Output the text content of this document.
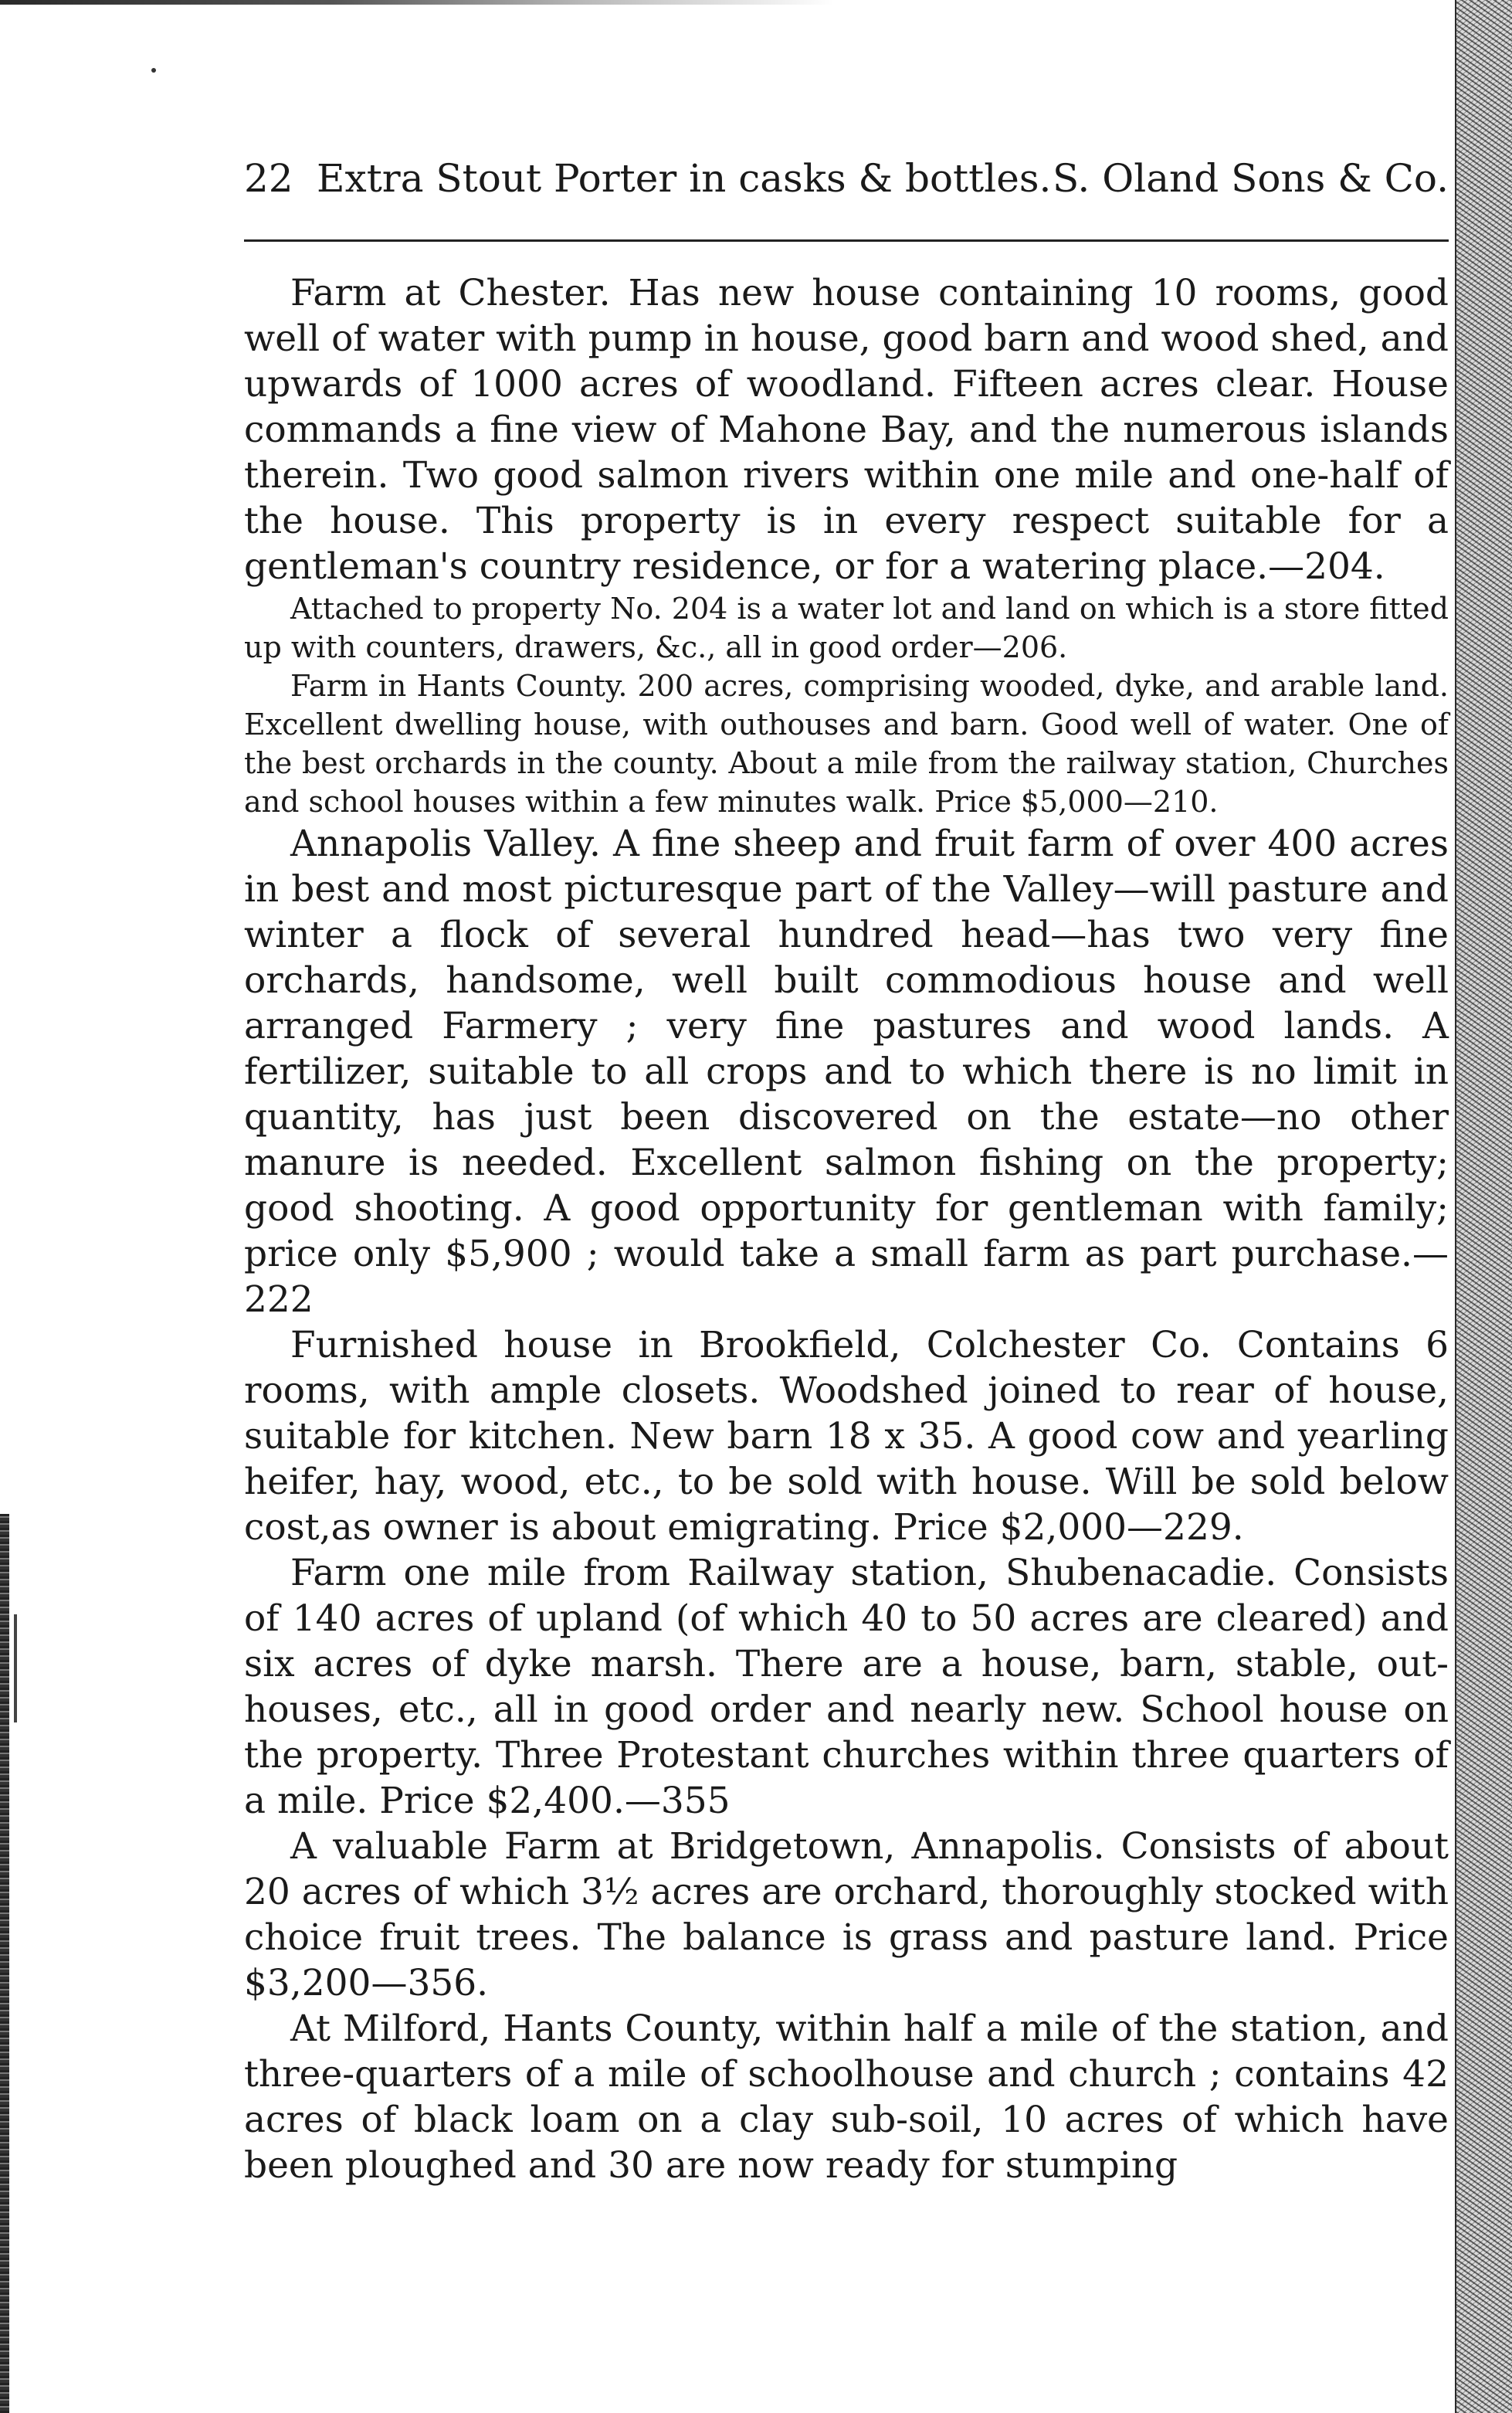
22 Extra Stout Porter in casks & bottles. S. Oland Sons & Co.

Farm at Chester. Has new house containing 10 rooms, good well of water with pump in house, good barn and wood shed, and upwards of 1000 acres of woodland. Fifteen acres clear. House commands a fine view of Mahone Bay, and the numerous islands therein. Two good salmon rivers within one mile and one-half of the house. This property is in every respect suitable for a gentleman's country residence, or for a watering place.—204.

Attached to property No. 204 is a water lot and land on which is a store fitted up with counters, drawers, &c., all in good order—206.

Farm in Hants County. 200 acres, comprising wooded, dyke, and arable land. Excellent dwelling house, with outhouses and barn. Good well of water. One of the best orchards in the county. About a mile from the railway station, Churches and school houses within a few minutes walk. Price $5,000—210.

Annapolis Valley. A fine sheep and fruit farm of over 400 acres in best and most picturesque part of the Valley—will pasture and winter a flock of several hundred head—has two very fine orchards, handsome, well built commodious house and well arranged Farmery ; very fine pastures and wood lands. A fertilizer, suitable to all crops and to which there is no limit in quantity, has just been discovered on the estate—no other manure is needed. Excellent salmon fishing on the property; good shooting. A good opportunity for gentleman with family; price only $5,900 ; would take a small farm as part purchase.—222

Furnished house in Brookfield, Colchester Co. Contains 6 rooms, with ample closets. Woodshed joined to rear of house, suitable for kitchen. New barn 18 x 35. A good cow and yearling heifer, hay, wood, etc., to be sold with house. Will be sold below cost,as owner is about emigrating. Price $2,000—229.

Farm one mile from Railway station, Shubenacadie. Consists of 140 acres of upland (of which 40 to 50 acres are cleared) and six acres of dyke marsh. There are a house, barn, stable, out-houses, etc., all in good order and nearly new. School house on the property. Three Protestant churches within three quarters of a mile. Price $2,400.—355

A valuable Farm at Bridgetown, Annapolis. Consists of about 20 acres of which 3½ acres are orchard, thoroughly stocked with choice fruit trees. The balance is grass and pasture land. Price $3,200—356.

At Milford, Hants County, within half a mile of the station, and three-quarters of a mile of schoolhouse and church ; contains 42 acres of black loam on a clay sub-soil, 10 acres of which have been ploughed and 30 are now ready for stumping
